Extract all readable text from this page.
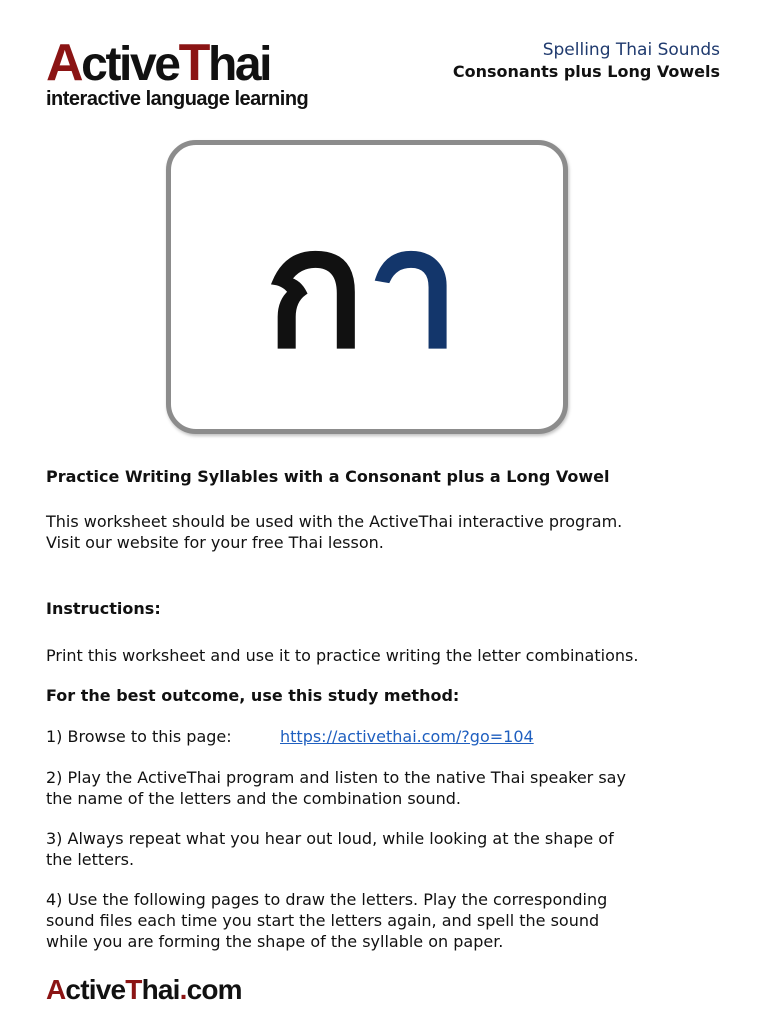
ActiveThai
interactive language learning
Spelling Thai Sounds
Consonants plus Long Vowels
ก า
Practice Writing Syllables with a Consonant plus a Long Vowel
This worksheet should be used with the ActiveThai interactive program.
Visit our website for your free Thai lesson.
Instructions:
Print this worksheet and use it to practice writing the letter combinations.
For the best outcome, use this study method:
1) Browse to this page:	https://activethai.com/?go=104
2) Play the ActiveThai program and listen to the native Thai speaker say
the name of the letters and the combination sound.
3) Always repeat what you hear out loud, while looking at the shape of
the letters.
4) Use the following pages to draw the letters. Play the corresponding
sound files each time you start the letters again, and spell the sound
while you are forming the shape of the syllable on paper.
ActiveThai.com
